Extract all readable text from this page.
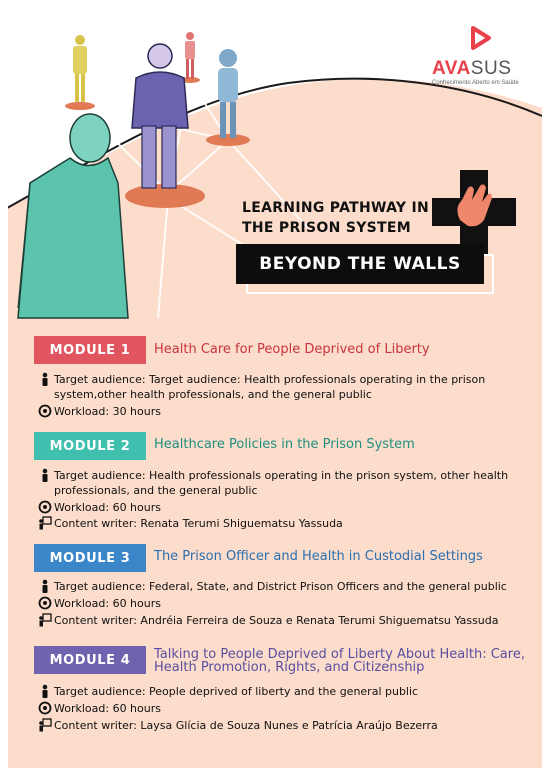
AVASUS
Conhecimento Aberto em Saúde
LEARNING PATHWAY IN THE PRISON SYSTEM
BEYOND THE WALLS
MODULE 1	Health Care for People Deprived of Liberty
Target audience: Target audience: Health professionals operating in the prison system,other health professionals, and the general public
Workload: 30 hours
MODULE 2	Healthcare Policies in the Prison System
Target audience: Health professionals operating in the prison system, other health professionals, and the general public
Workload: 60 hours
Content writer: Renata Terumi Shiguematsu Yassuda
MODULE 3	The Prison Officer and Health in Custodial Settings
Target audience: Federal, State, and District Prison Officers and the general public
Workload: 60 hours
Content writer: Andréia Ferreira de Souza e Renata Terumi Shiguematsu Yassuda
MODULE 4	Talking to People Deprived of Liberty About Health: Care, Health Promotion, Rights, and Citizenship
Target audience: People deprived of liberty and the general public
Workload: 60 hours
Content writer: Laysa Glícia de Souza Nunes e Patrícia Araújo Bezerra
